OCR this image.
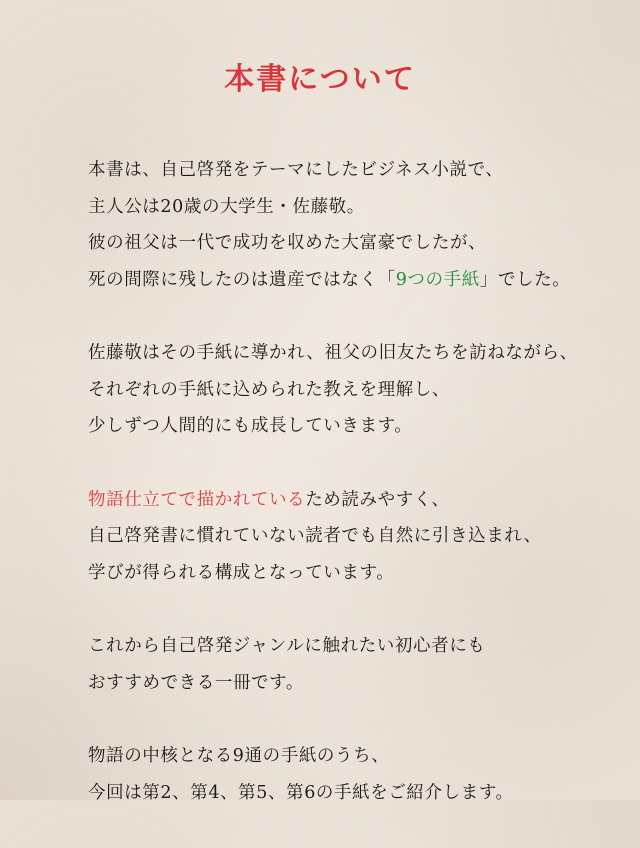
本書について
本書は、自己啓発をテーマにしたビジネス小説で、
主人公は20歳の大学生・佐藤敬。
彼の祖父は一代で成功を収めた大富豪でしたが、
死の間際に残したのは遺産ではなく「9つの手紙」でした。
佐藤敬はその手紙に導かれ、祖父の旧友たちを訪ねながら、
それぞれの手紙に込められた教えを理解し、
少しずつ人間的にも成長していきます。
物語仕立てで描かれているため読みやすく、
自己啓発書に慣れていない読者でも自然に引き込まれ、
学びが得られる構成となっています。
これから自己啓発ジャンルに触れたい初心者にも
おすすめできる一冊です。
物語の中核となる9通の手紙のうち、
今回は第2、第4、第5、第6の手紙をご紹介します。
